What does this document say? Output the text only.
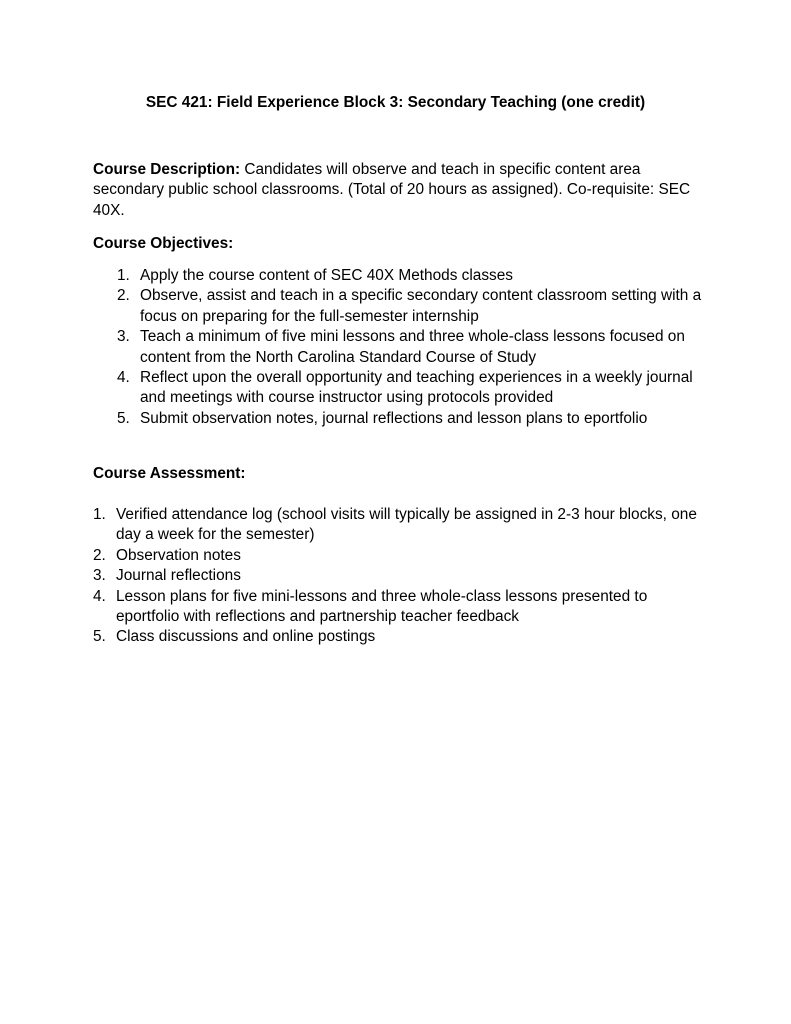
SEC 421: Field Experience Block 3: Secondary Teaching (one credit)
Course Description: Candidates will observe and teach in specific content area secondary public school classrooms. (Total of 20 hours as assigned). Co-requisite: SEC 40X.
Course Objectives:
1. Apply the course content of SEC 40X Methods classes
2. Observe, assist and teach in a specific secondary content classroom setting with a focus on preparing for the full-semester internship
3. Teach a minimum of five mini lessons and three whole-class lessons focused on content from the North Carolina Standard Course of Study
4. Reflect upon the overall opportunity and teaching experiences in a weekly journal and meetings with course instructor using protocols provided
5. Submit observation notes, journal reflections and lesson plans to eportfolio
Course Assessment:
1. Verified attendance log (school visits will typically be assigned in 2-3 hour blocks, one day a week for the semester)
2. Observation notes
3. Journal reflections
4. Lesson plans for five mini-lessons and three whole-class lessons presented to eportfolio with reflections and partnership teacher feedback
5. Class discussions and online postings
